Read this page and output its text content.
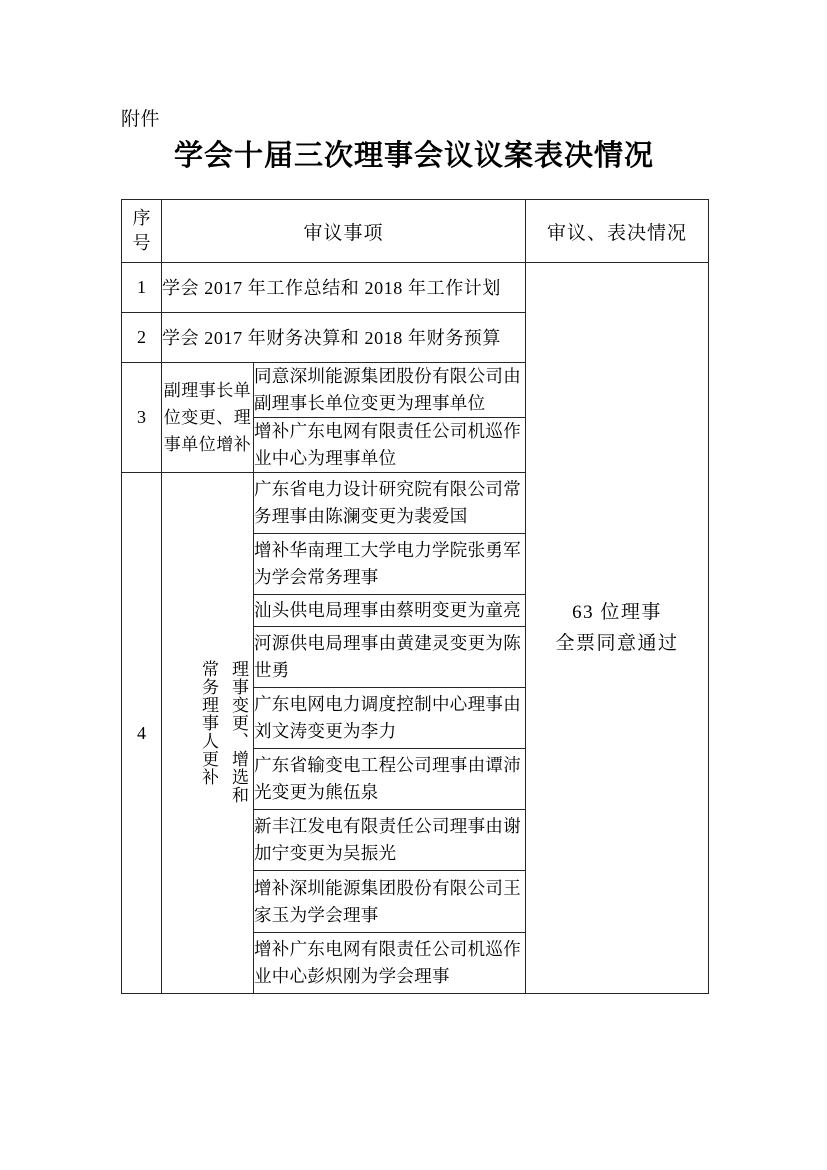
附件
学会十届三次理事会议议案表决情况
序
号	审议事项		审议、表决情况
1	学会 2017 年工作总结和 2018 年工作计划		63 位理事
全票同意通过

2	学会 2017 年财务决算和 2018 年财务预算		
3	副理事长单位变更、理事单位增补	同意深圳能源集团股份有限公司由副理事长单位变更为理事单位	
		增补广东电网有限责任公司机巡作业中心为理事单位	
4	理事变更、增选和常务理事人更补	广东省电力设计研究院有限公司常务理事由陈澜变更为裴爱国	
		增补华南理工大学电力学院张勇军为学会常务理事	
		汕头供电局理事由蔡明变更为童亮	
		河源供电局理事由黄建灵变更为陈世勇	
		广东电网电力调度控制中心理事由刘文涛变更为李力	
		广东省输变电工程公司理事由谭沛光变更为熊伍泉	
		新丰江发电有限责任公司理事由谢加宁变更为吴振光	
		增补深圳能源集团股份有限公司王家玉为学会理事	
		增补广东电网有限责任公司机巡作业中心彭炽刚为学会理事	
